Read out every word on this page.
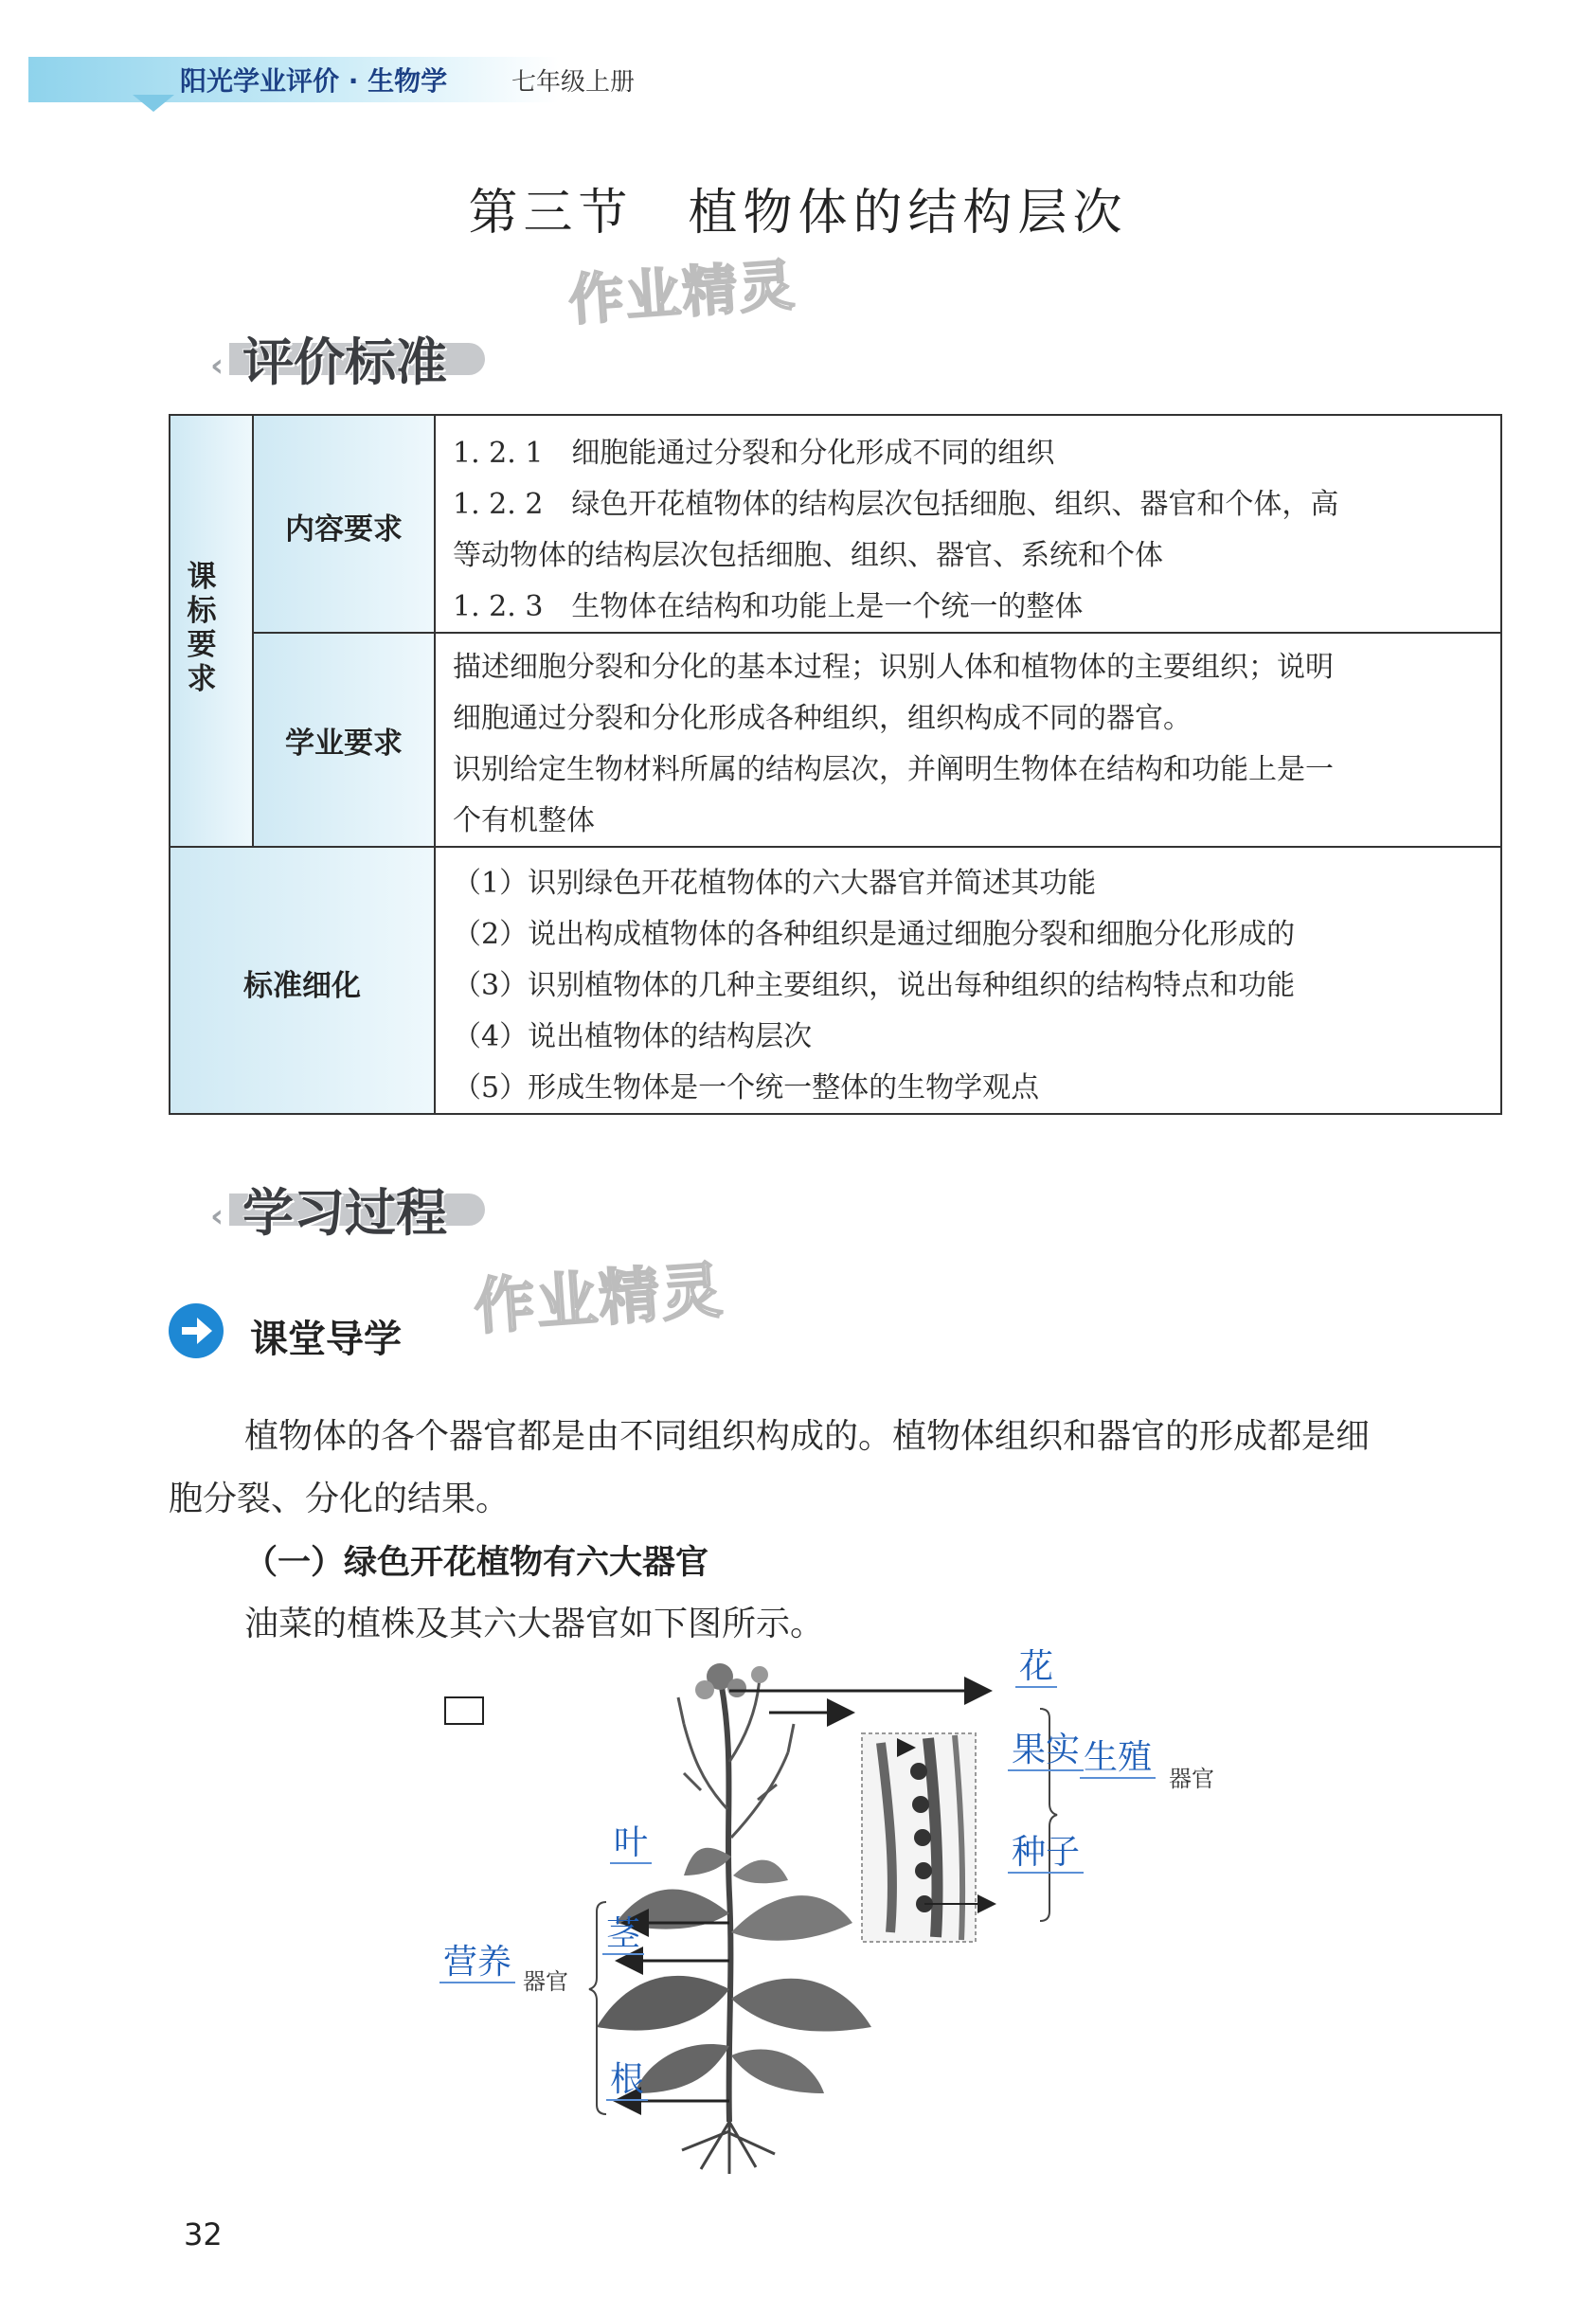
阳光学业评价 · 生物学	七年级上册
第三节　植物体的结构层次
作业精灵
‹ 评价标准
课
标
要
求
内容要求
学业要求
标准细化
1. 2. 1　细胞能通过分裂和分化形成不同的组织
1. 2. 2　绿色开花植物体的结构层次包括细胞、组织、器官和个体，高
等动物体的结构层次包括细胞、组织、器官、系统和个体
1. 2. 3　生物体在结构和功能上是一个统一的整体
描述细胞分裂和分化的基本过程；识别人体和植物体的主要组织；说明
细胞通过分裂和分化形成各种组织，组织构成不同的器官。
识别给定生物材料所属的结构层次，并阐明生物体在结构和功能上是一
个有机整体
（1）识别绿色开花植物体的六大器官并简述其功能
（2）说出构成植物体的各种组织是通过细胞分裂和细胞分化形成的
（3）识别植物体的几种主要组织，说出每种组织的结构特点和功能
（4）说出植物体的结构层次
（5）形成生物体是一个统一整体的生物学观点
‹ 学习过程
作业精灵
课堂导学
植物体的各个器官都是由不同组织构成的。植物体组织和器官的形成都是细
胞分裂、分化的结果。
（一）绿色开花植物有六大器官
油菜的植株及其六大器官如下图所示。
花
果实
种子
生殖
器官
叶
茎
根
营养 器官
32
